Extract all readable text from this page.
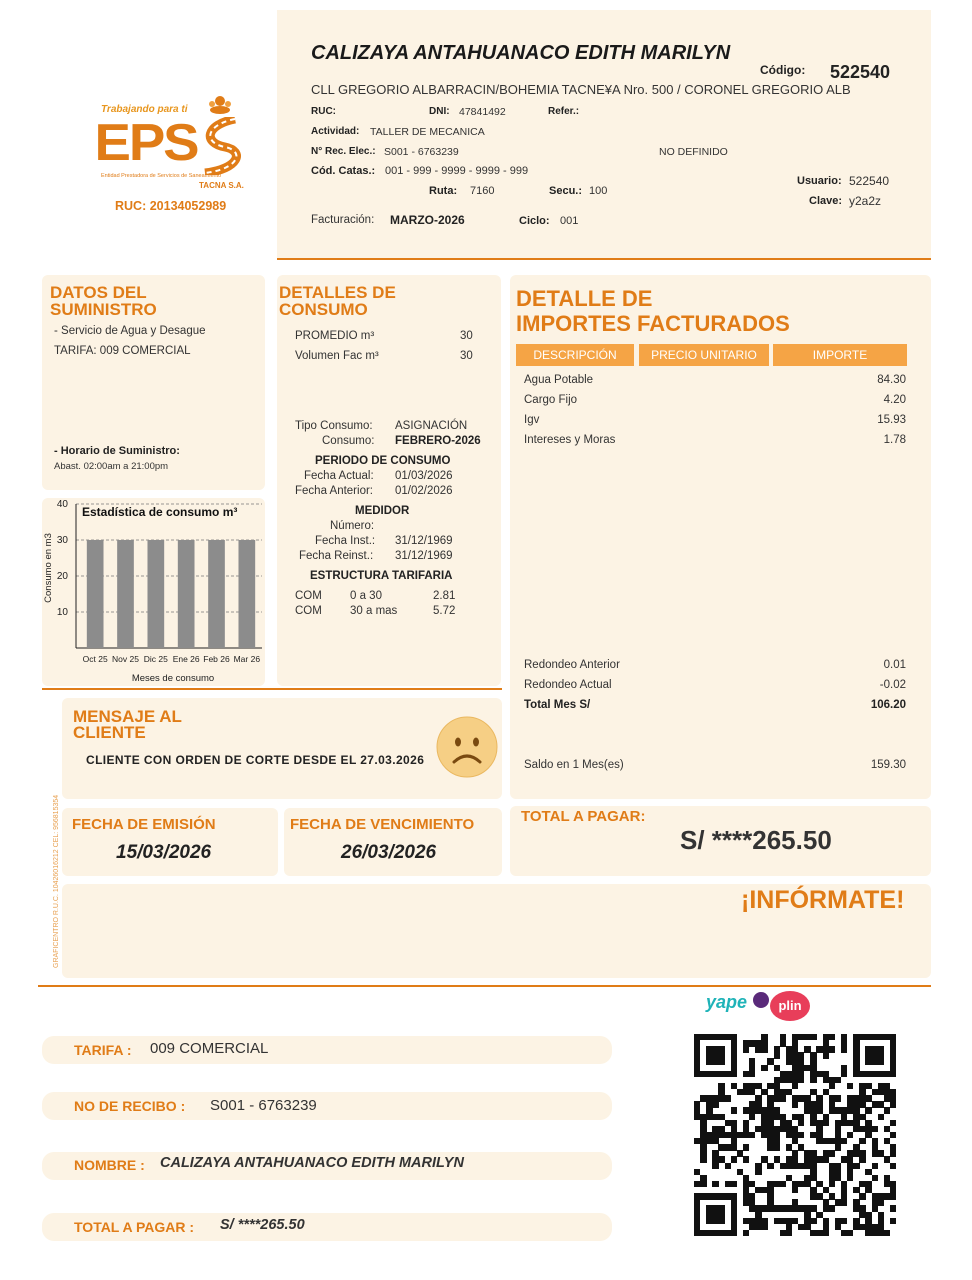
CALIZAYA ANTAHUANACO EDITH MARILYN
Código: 522540
CLL GREGORIO ALBARRACIN/BOHEMIA TACNE¥A Nro. 500 / CORONEL GREGORIO ALB
RUC:	DNI: 47841492	Refer.:
Actividad: TALLER DE MECANICA
N° Rec. Elec.: S001 - 6763239	NO DEFINIDO
Cód. Catas.: 001 - 999 - 9999 - 9999 - 999
Ruta: 7160	Secu.: 100
Usuario: 522540
Clave: y2a2z
Facturación: MARZO-2026	Ciclo: 001
Trabajando para ti
EPS
Entidad Prestadora de Servicios de Saneamiento
TACNA S.A.
RUC: 20134052989
DATOS DEL
SUMINISTRO
- Servicio de Agua y Desague
TARIFA: 009 COMERCIAL
- Horario de Suministro:
Abast. 02:00am a 21:00pm
10
20
30
40
Oct 25 Nov 25 Dic 25 Ene 26 Feb 26 Mar 26
Estadística de consumo m³
Meses de consumo
Consumo en m3
DETALLES DE
CONSUMO
PROMEDIO m³	30
Volumen Fac m³	30
Tipo Consumo: ASIGNACIÓN
Consumo: FEBRERO-2026
PERIODO DE CONSUMO
Fecha Actual: 01/03/2026
Fecha Anterior: 01/02/2026
MEDIDOR
Número:
Fecha Inst.: 31/12/1969
Fecha Reinst.: 31/12/1969
ESTRUCTURA TARIFARIA
COM 0 a 30	2.81
COM 30 a mas	5.72
DETALLE DE
IMPORTES FACTURADOS
DESCRIPCIÓN	PRECIO UNITARIO	IMPORTE
Agua Potable	84.30
Cargo Fijo	4.20
Igv	15.93
Intereses y Moras	1.78
Redondeo Anterior	0.01
Redondeo Actual	-0.02
Total Mes S/	106.20
Saldo en 1 Mes(es)	159.30
MENSAJE AL
CLIENTE
CLIENTE CON ORDEN DE CORTE DESDE EL 27.03.2026
GRAFICENTRO R.U.C. 10426016212 CEL: 956815354 FECHA DE EMISIÓN
15/03/2026
FECHA DE VENCIMIENTO
26/03/2026
TOTAL A PAGAR:
S/ ****265.50
¡INFÓRMATE!
TARIFA : 009 COMERCIAL
NO DE RECIBO : S001 - 6763239
NOMBRE : CALIZAYA ANTAHUANACO EDITH MARILYN
TOTAL A PAGAR : S/ ****265.50
yape	plin
